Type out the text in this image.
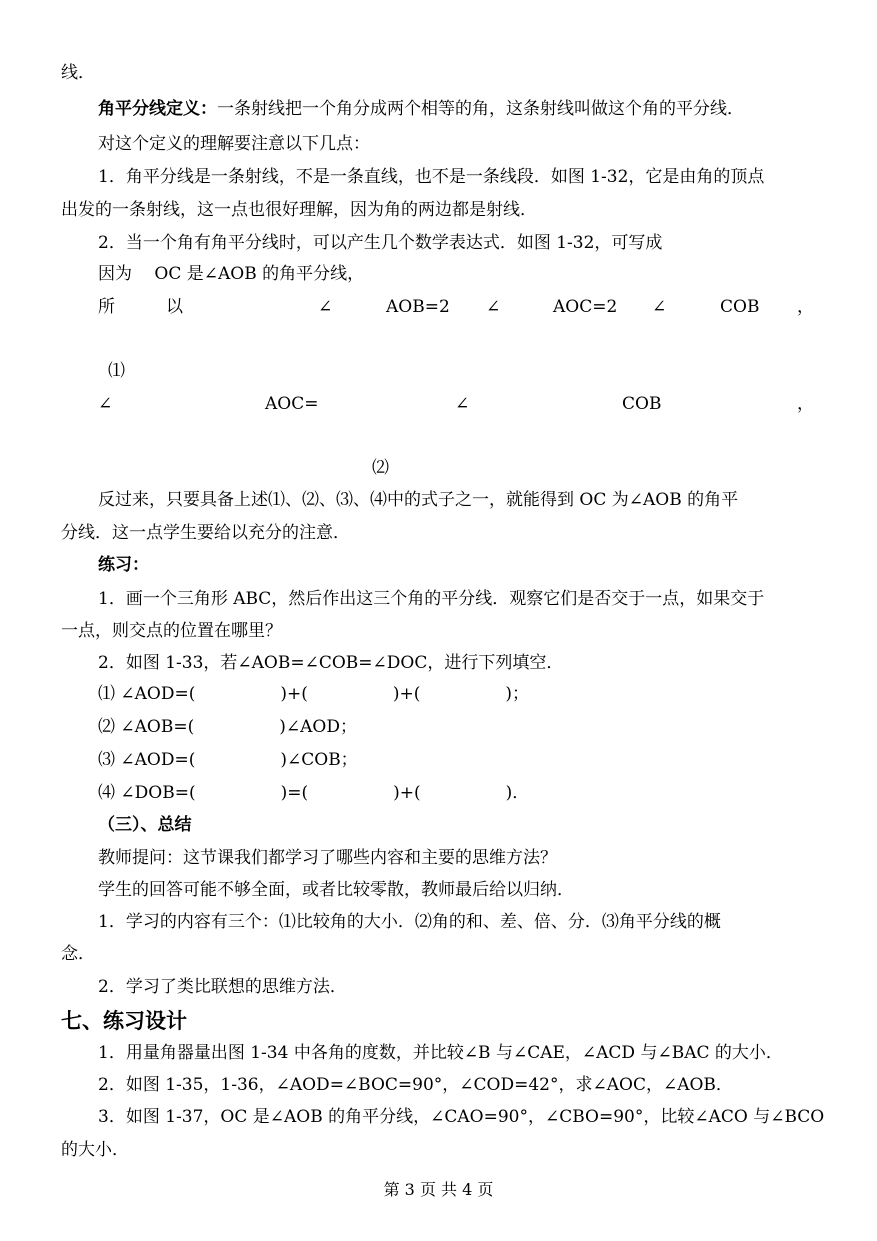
线．
角平分线定义：一条射线把一个角分成两个相等的角，这条射线叫做这个角的平分线．
对这个定义的理解要注意以下几点：
1．角平分线是一条射线，不是一条直线，也不是一条线段．如图 1-32，它是由角的顶点
出发的一条射线，这一点也很好理解，因为角的两边都是射线．
2．当一个角有角平分线时，可以产生几个数学表达式．如图 1-32，可写成
因为　 OC 是∠AOB 的角平分线，
所	以	∠	AOB=2 ∠	AOC=2 ∠	COB ，
⑴
∠	AOC=	∠	COB	，
⑵
反过来，只要具备上述⑴、⑵、⑶、⑷中的式子之一，就能得到 OC 为∠AOB 的角平
分线．这一点学生要给以充分的注意．
练习：
1．画一个三角形 ABC，然后作出这三个角的平分线．观察它们是否交于一点，如果交于
一点，则交点的位置在哪里？
2．如图 1-33，若∠AOB=∠COB=∠DOC，进行下列填空．
⑴ ∠AOD=(　　　　　)+(　　　　　)+(　　　　　)；
⑵ ∠AOB=(　　　　　)∠AOD；
⑶ ∠AOD=(　　　　　)∠COB；
⑷ ∠DOB=(　　　　　)=(　　　　　)+(　　　　　)．
（三）、总结
教师提问：这节课我们都学习了哪些内容和主要的思维方法？
学生的回答可能不够全面，或者比较零散，教师最后给以归纳．
1．学习的内容有三个：⑴比较角的大小．⑵角的和、差、倍、分．⑶角平分线的概
念．
2．学习了类比联想的思维方法．
七、练习设计
1．用量角器量出图 1-34 中各角的度数，并比较∠B 与∠CAE，∠ACD 与∠BAC 的大小．
2．如图 1-35，1-36，∠AOD=∠BOC=90°，∠COD=42°，求∠AOC，∠AOB．
3．如图 1-37，OC 是∠AOB 的角平分线，∠CAO=90°，∠CBO=90°，比较∠ACO 与∠BCO
的大小．
第 3 页 共 4 页
